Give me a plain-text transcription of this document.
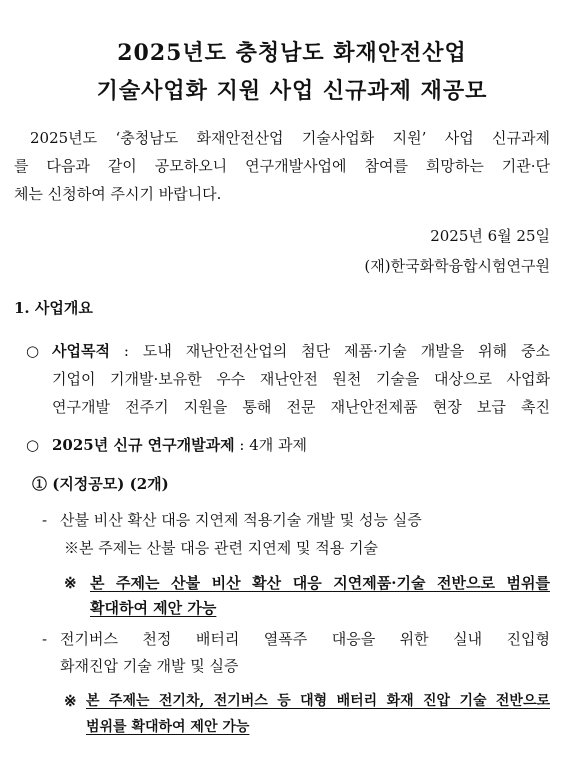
2025년도 충청남도 화재안전산업
기술사업화 지원 사업 신규과제 재공모
2025년도 ‘충청남도 화재안전산업 기술사업화 지원’ 사업 신규과제
를 다음과 같이 공모하오니 연구개발사업에 참여를 희망하는 기관·단
체는 신청하여 주시기 바랍니다.
2025년 6월 25일
(재)한국화학융합시험연구원
1. 사업개요
○ 사업목적 : 도내 재난안전산업의 첨단 제품·기술 개발을 위해 중소
기업이 기개발·보유한 우수 재난안전 원천 기술을 대상으로 사업화
연구개발 전주기 지원을 통해 전문 재난안전제품 현장 보급 촉진
○ 2025년 신규 연구개발과제 : 4개 과제
① (지정공모) (2개)
- 산불 비산 확산 대응 지연제 적용기술 개발 및 성능 실증
※본 주제는 산불 대응 관련 지연제 및 적용 기술
※ 본 주제는 산불 비산 확산 대응 지연제품·기술 전반으로 범위를
확대하여 제안 가능
- 전기버스 천정 배터리 열폭주 대응을 위한 실내 진입형
화재진압 기술 개발 및 실증
※ 본 주제는 전기차, 전기버스 등 대형 배터리 화재 진압 기술 전반으로
범위를 확대하여 제안 가능
